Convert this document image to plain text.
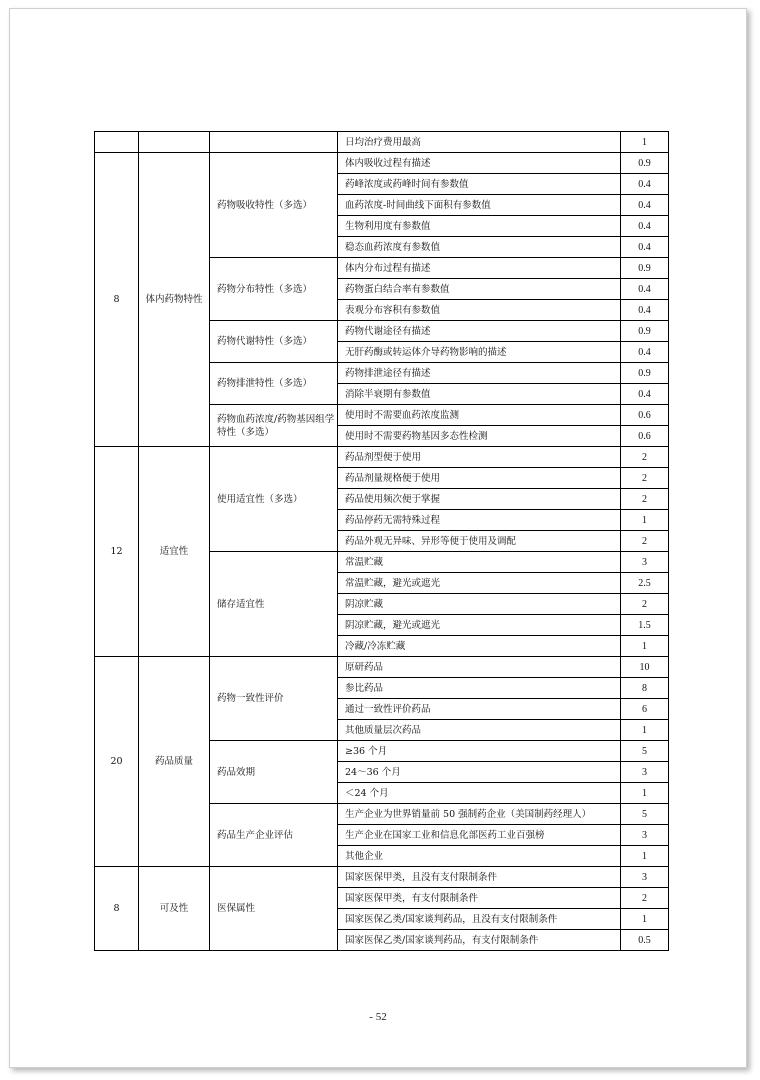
			日均治疗费用最高	1
8	体内药物特性	药物吸收特性（多选）	体内吸收过程有描述	0.9
			药峰浓度或药峰时间有参数值	0.4
			血药浓度-时间曲线下面积有参数值	0.4
			生物利用度有参数值	0.4
			稳态血药浓度有参数值	0.4
		药物分布特性（多选）	体内分布过程有描述	0.9
			药物蛋白结合率有参数值	0.4
			表观分布容积有参数值	0.4
		药物代谢特性（多选）	药物代谢途径有描述	0.9
			无肝药酶或转运体介导药物影响的描述	0.4
		药物排泄特性（多选）	药物排泄途径有描述	0.9
			消除半衰期有参数值	0.4
		药物血药浓度/药物基因组学特性（多选）	使用时不需要血药浓度监测	0.6
			使用时不需要药物基因多态性检测	0.6
12	适宜性	使用适宜性（多选）	药品剂型便于使用	2
			药品剂量规格便于使用	2
			药品使用频次便于掌握	2
			药品停药无需特殊过程	1
			药品外观无异味、异形等便于使用及调配	2
		储存适宜性	常温贮藏	3
			常温贮藏，避光或遮光	2.5
			阴凉贮藏	2
			阴凉贮藏，避光或遮光	1.5
			冷藏/冷冻贮藏	1
20	药品质量	药物一致性评价	原研药品	10
			参比药品	8
			通过一致性评价药品	6
			其他质量层次药品	1
		药品效期	≥36 个月	5
			24～36 个月	3
			＜24 个月	1
		药品生产企业评估	生产企业为世界销量前 50 强制药企业（美国制药经理人）	5
			生产企业在国家工业和信息化部医药工业百强榜	3
			其他企业	1
8	可及性	医保属性	国家医保甲类，且没有支付限制条件	3
			国家医保甲类，有支付限制条件	2
			国家医保乙类/国家谈判药品，且没有支付限制条件	1
			国家医保乙类/国家谈判药品，有支付限制条件	0.5
- 52
